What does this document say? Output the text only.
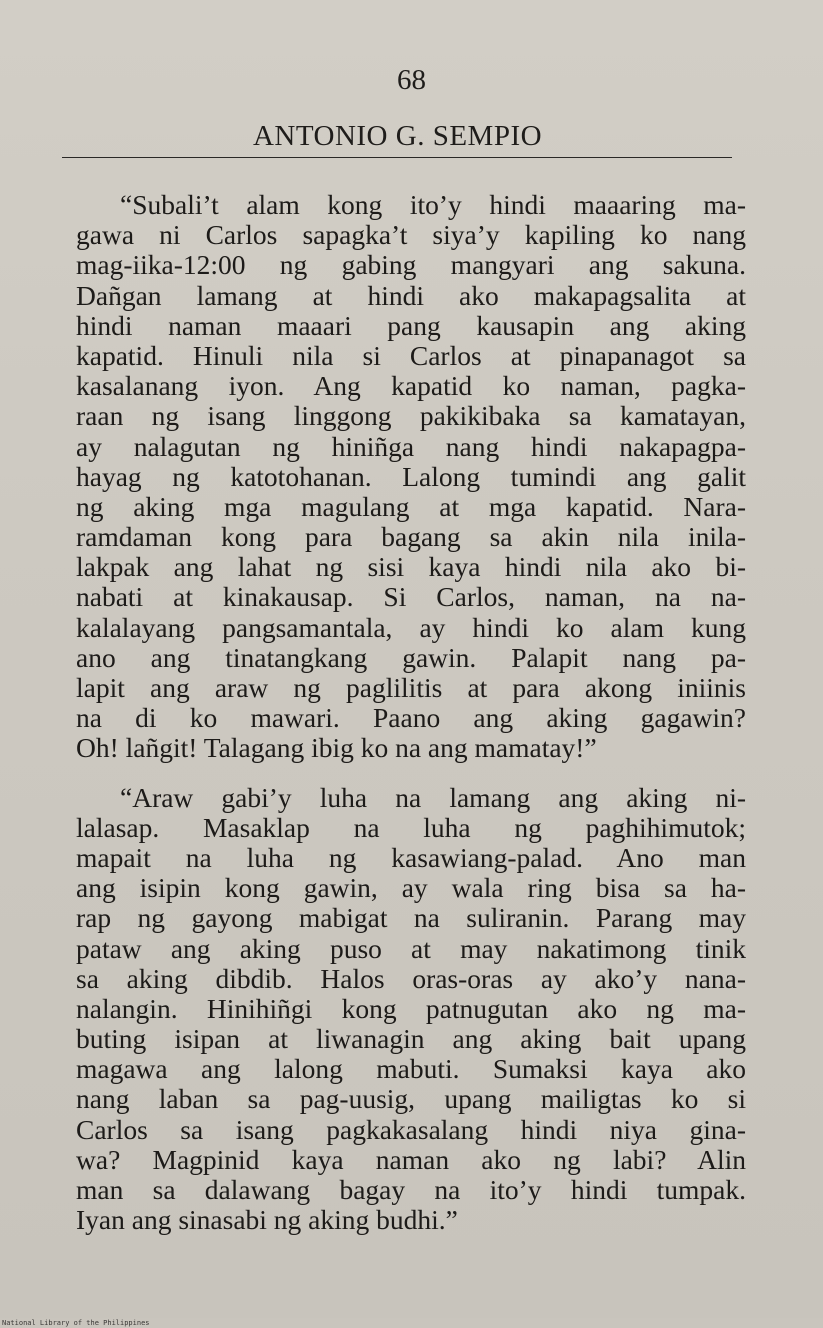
68
ANTONIO G. SEMPIO

“Subali’t alam kong ito’y hindi maaaring ma-
gawa ni Carlos sapagka’t siya’y kapiling ko nang
mag-iika-12:00 ng gabing mangyari ang sakuna.
Dañgan lamang at hindi ako makapagsalita at
hindi naman maaari pang kausapin ang aking
kapatid. Hinuli nila si Carlos at pinapanagot sa
kasalanang iyon. Ang kapatid ko naman, pagka-
raan ng isang linggong pakikibaka sa kamatayan,
ay nalagutan ng hiniñga nang hindi nakapagpa-
hayag ng katotohanan. Lalong tumindi ang galit
ng aking mga magulang at mga kapatid. Nara-
ramdaman kong para bagang sa akin nila inila-
lakpak ang lahat ng sisi kaya hindi nila ako bi-
nabati at kinakausap. Si Carlos, naman, na na-
kalalayang pangsamantala, ay hindi ko alam kung
ano ang tinatangkang gawin. Palapit nang pa-
lapit ang araw ng paglilitis at para akong iniinis
na di ko mawari. Paano ang aking gagawin?
Oh! lañgit! Talagang ibig ko na ang mamatay!”

“Araw gabi’y luha na lamang ang aking ni-
lalasap. Masaklap na luha ng paghihimutok;
mapait na luha ng kasawiang-palad. Ano man
ang isipin kong gawin, ay wala ring bisa sa ha-
rap ng gayong mabigat na suliranin. Parang may
pataw ang aking puso at may nakatimong tinik
sa aking dibdib. Halos oras-oras ay ako’y nana-
nalangin. Hinihiñgi kong patnugutan ako ng ma-
buting isipan at liwanagin ang aking bait upang
magawa ang lalong mabuti. Sumaksi kaya ako
nang laban sa pag-uusig, upang mailigtas ko si
Carlos sa isang pagkakasalang hindi niya gina-
wa? Magpinid kaya naman ako ng labi? Alin
man sa dalawang bagay na ito’y hindi tumpak.
Iyan ang sinasabi ng aking budhi.”

National Library of the Philippines
